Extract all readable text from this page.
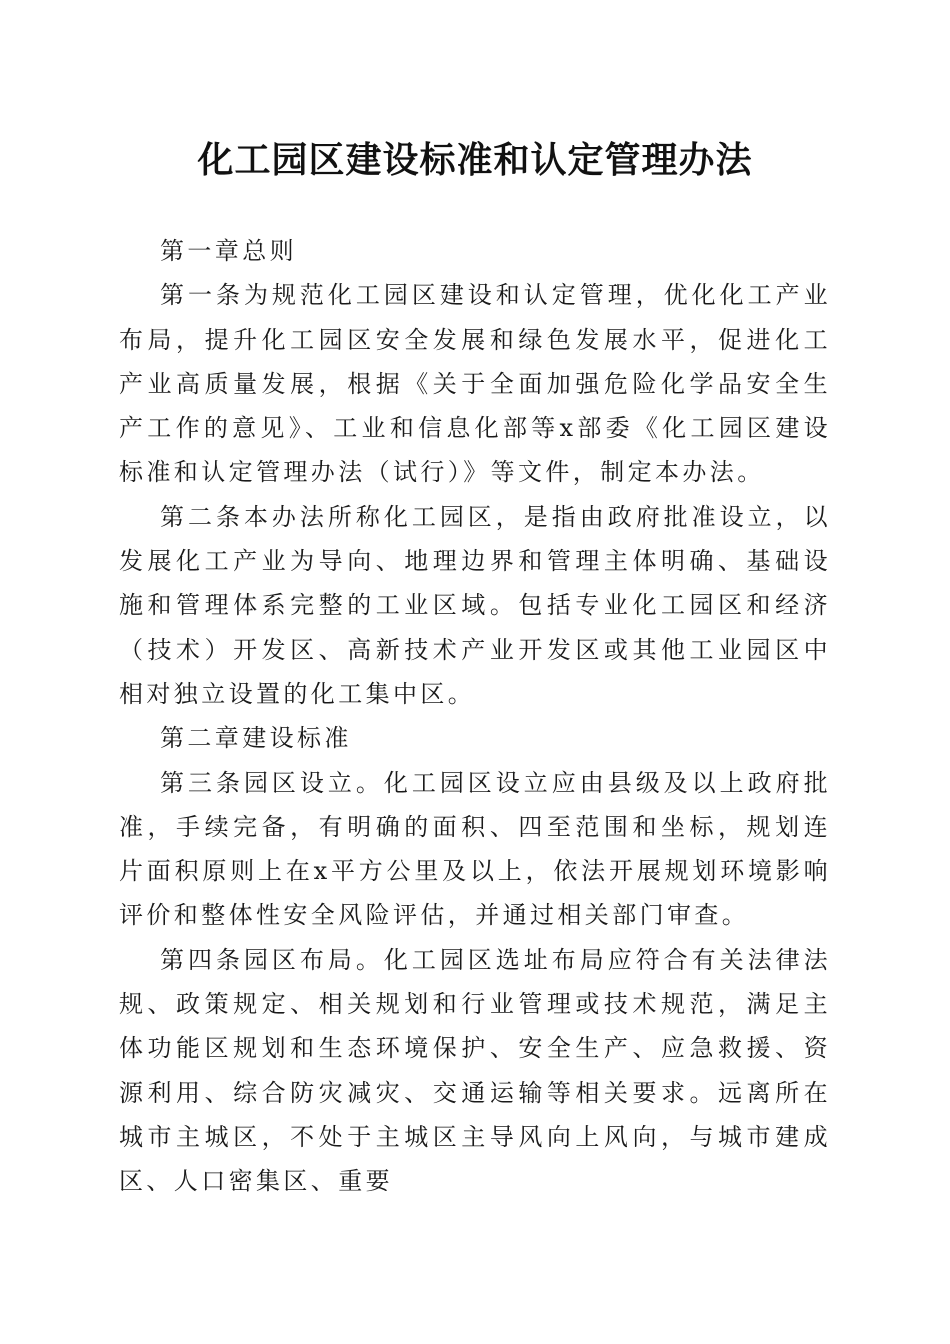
化工园区建设标准和认定管理办法

第一章总则

第一条为规范化工园区建设和认定管理，优化化工产业布局，提升化工园区安全发展和绿色发展水平，促进化工产业高质量发展，根据《关于全面加强危险化学品安全生产工作的意见》、工业和信息化部等x部委《化工园区建设标准和认定管理办法（试行）》等文件，制定本办法。

第二条本办法所称化工园区，是指由政府批准设立，以发展化工产业为导向、地理边界和管理主体明确、基础设施和管理体系完整的工业区域。包括专业化工园区和经济（技术）开发区、高新技术产业开发区或其他工业园区中相对独立设置的化工集中区。

第二章建设标准

第三条园区设立。化工园区设立应由县级及以上政府批准，手续完备，有明确的面积、四至范围和坐标，规划连片面积原则上在x平方公里及以上，依法开展规划环境影响评价和整体性安全风险评估，并通过相关部门审查。

第四条园区布局。化工园区选址布局应符合有关法律法规、政策规定、相关规划和行业管理或技术规范，满足主体功能区规划和生态环境保护、安全生产、应急救援、资源利用、综合防灾减灾、交通运输等相关要求。远离所在城市主城区，不处于主城区主导风向上风向，与城市建成区、人口密集区、重要
